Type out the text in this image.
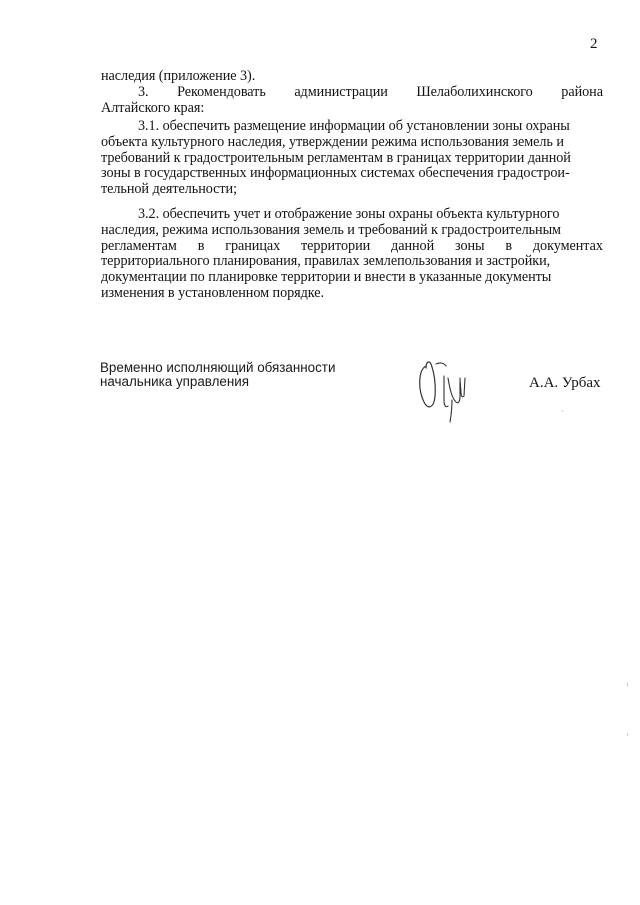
2
наследия (приложение 3).
3. Рекомендовать администрации Шелаболихинского района
Алтайского края:
3.1. обеспечить размещение информации об установлении зоны охраны
объекта культурного наследия, утверждении режима использования земель и
требований к градостроительным регламентам в границах территории данной
зоны в государственных информационных системах обеспечения градострои-
тельной деятельности;
3.2. обеспечить учет и отображение зоны охраны объекта культурного
наследия, режима использования земель и требований к градостроительным
регламентам в границах территории данной зоны в документах
территориального планирования, правилах землепользования и застройки,
документации по планировке территории и внести в указанные документы
изменения в установленном порядке.
Временно исполняющий обязанности
начальника управления	А.А. Урбах
